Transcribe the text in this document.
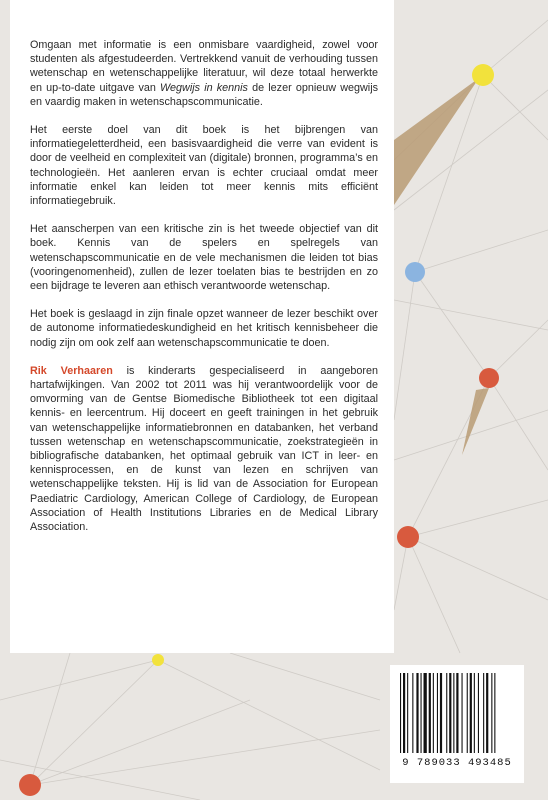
Omgaan met informatie is een onmisbare vaardigheid, zowel voor studenten als afgestudeerden. Vertrekkend vanuit de verhouding tussen wetenschap en wetenschappelijke literatuur, wil deze totaal herwerkte en up-to-date uitgave van Wegwijs in kennis de lezer opnieuw wegwijs en vaardig maken in wetenschapscommunicatie.

Het eerste doel van dit boek is het bijbrengen van informatiegeletterdheid, een basisvaardigheid die verre van evident is door de veelheid en complexiteit van (digitale) bronnen, programma’s en technologieën. Het aanleren ervan is echter cruciaal omdat meer informatie enkel kan leiden tot meer kennis mits efficiënt informatiegebruik.

Het aanscherpen van een kritische zin is het tweede objectief van dit boek. Kennis van de spelers en spelregels van wetenschapscommunicatie en de vele mechanismen die leiden tot bias (vooringenomenheid), zullen de lezer toelaten bias te bestrijden en zo een bijdrage te leveren aan ethisch verantwoorde wetenschap.

Het boek is geslaagd in zijn finale opzet wanneer de lezer beschikt over de autonome informatiedeskundigheid en het kritisch kennisbeheer die nodig zijn om ook zelf aan wetenschapscommunicatie te doen.

Rik Verhaaren is kinderarts gespecialiseerd in aangeboren hartafwijkingen. Van 2002 tot 2011 was hij verantwoordelijk voor de omvorming van de Gentse Biomedische Bibliotheek tot een digitaal kennis- en leercentrum. Hij doceert en geeft trainingen in het gebruik van wetenschappelijke informatiebronnen en databanken, het verband tussen wetenschap en wetenschapscommunicatie, zoekstrategieën in bibliografische databanken, het optimaal gebruik van ICT in leer- en kennisprocessen, en de kunst van lezen en schrijven van wetenschappelijke teksten. Hij is lid van de Association for European Paediatric Cardiology, American College of Cardiology, de European Association of Health Institutions Libraries en de Medical Library Association.

9 789033 493485
